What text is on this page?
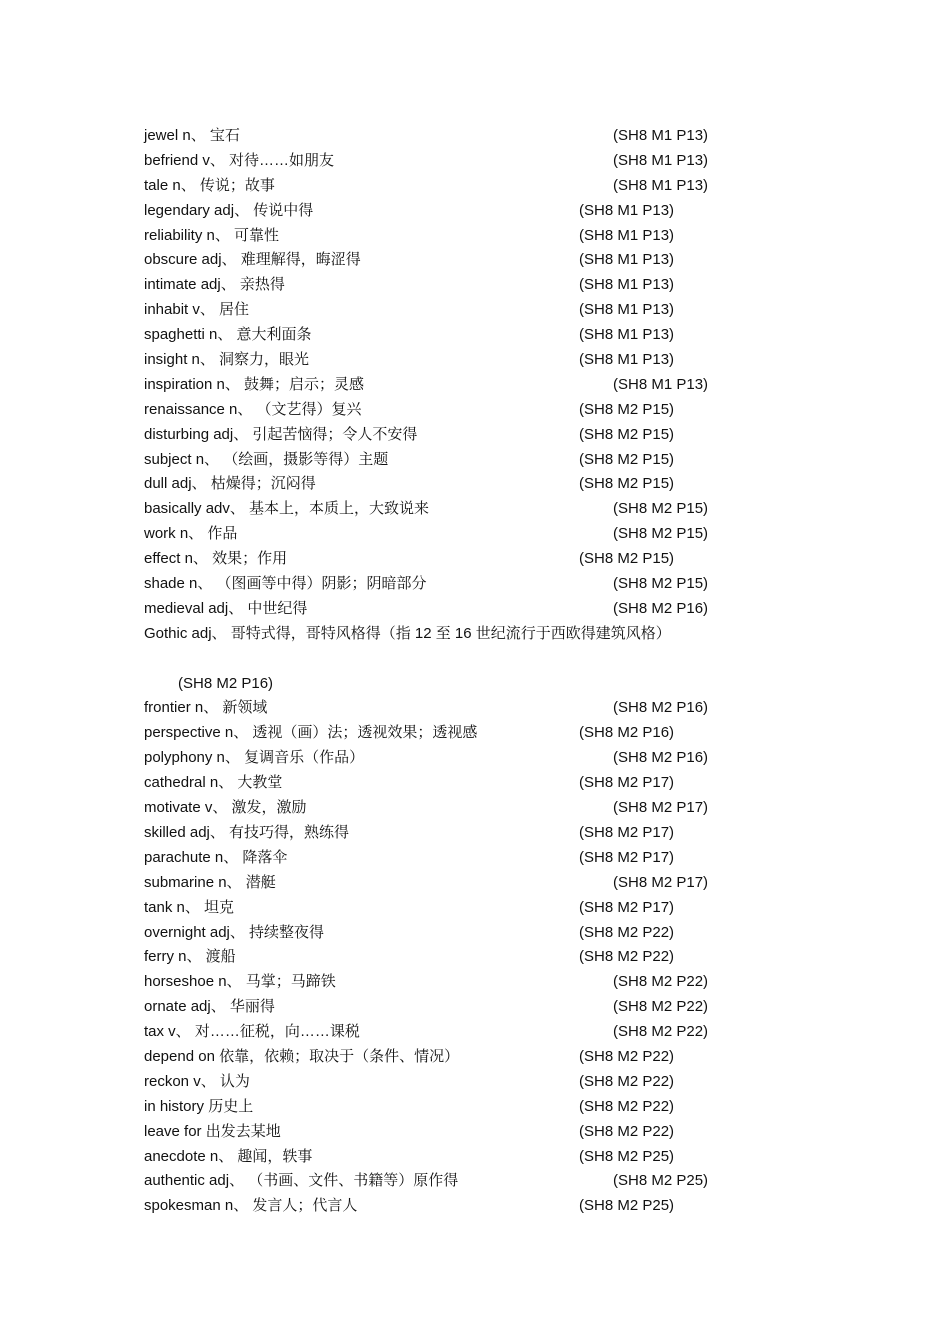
jewel n、 宝石	(SH8 M1 P13)
befriend v、 对待……如朋友	(SH8 M1 P13)
tale n、 传说；故事	(SH8 M1 P13)
legendary adj、 传说中得	(SH8 M1 P13)
reliability n、 可靠性	(SH8 M1 P13)
obscure adj、 难理解得，晦涩得	(SH8 M1 P13)
intimate adj、 亲热得	(SH8 M1 P13)
inhabit v、 居住	(SH8 M1 P13)
spaghetti n、 意大利面条	(SH8 M1 P13)
insight n、 洞察力，眼光	(SH8 M1 P13)
inspiration n、 鼓舞；启示；灵感	(SH8 M1 P13)
renaissance n、 （文艺得）复兴	(SH8 M2 P15)
disturbing adj、 引起苦恼得；令人不安得	(SH8 M2 P15)
subject n、 （绘画，摄影等得）主题	(SH8 M2 P15)
dull adj、 枯燥得；沉闷得	(SH8 M2 P15)
basically adv、 基本上，本质上，大致说来	(SH8 M2 P15)
work n、 作品	(SH8 M2 P15)
effect n、 效果；作用	(SH8 M2 P15)
shade n、 （图画等中得）阴影；阴暗部分	(SH8 M2 P15)
medieval adj、 中世纪得	(SH8 M2 P16)
Gothic adj、 哥特式得，哥特风格得（指 12 至 16 世纪流行于西欧得建筑风格）
(SH8 M2 P16)
frontier n、 新领域	(SH8 M2 P16)
perspective n、 透视（画）法；透视效果；透视感	(SH8 M2 P16)
polyphony n、 复调音乐（作品）	(SH8 M2 P16)
cathedral n、 大教堂	(SH8 M2 P17)
motivate v、 激发，激励	(SH8 M2 P17)
skilled adj、 有技巧得，熟练得	(SH8 M2 P17)
parachute n、 降落伞	(SH8 M2 P17)
submarine n、 潜艇	(SH8 M2 P17)
tank n、 坦克	(SH8 M2 P17)
overnight adj、 持续整夜得	(SH8 M2 P22)
ferry n、 渡船	(SH8 M2 P22)
horseshoe n、 马掌；马蹄铁	(SH8 M2 P22)
ornate adj、 华丽得	(SH8 M2 P22)
tax v、 对……征税，向……课税	(SH8 M2 P22)
depend on 依靠，依赖；取决于（条件、情况）	(SH8 M2 P22)
reckon v、 认为	(SH8 M2 P22)
in history 历史上	(SH8 M2 P22)
leave for 出发去某地	(SH8 M2 P22)
anecdote n、 趣闻，轶事	(SH8 M2 P25)
authentic adj、 （书画、文件、书籍等）原作得	(SH8 M2 P25)
spokesman n、 发言人；代言人	(SH8 M2 P25)
